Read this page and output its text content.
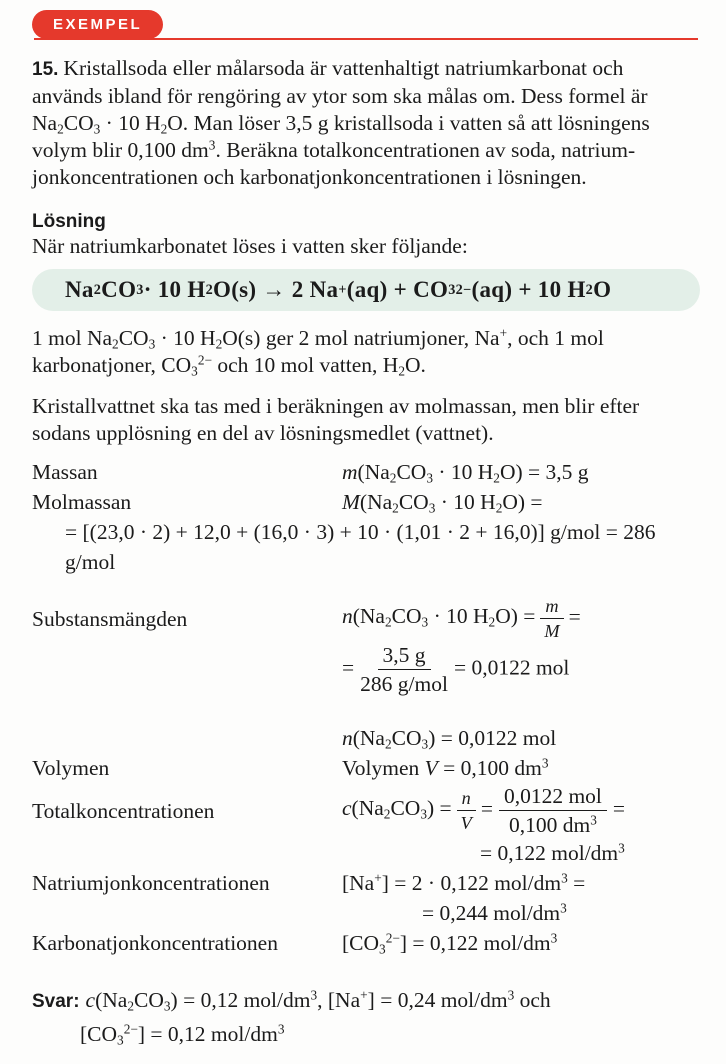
EXEMPEL
15. Kristallsoda eller målarsoda är vattenhaltigt natriumkarbonat och
används ibland för rengöring av ytor som ska målas om. Dess formel är
$Na_2CO_3 \cdot 10$ $H_2O$. Man löser 3,5 g kristallsoda i vatten så att lösningens
volym blir 0,100 $dm^3$. Beräkna totalkoncentrationen av soda, natrium-
jonkoncentrationen och karbonatjonkoncentrationen i lösningen.
Lösning
När natriumkarbonatet löses i vatten sker följande:
Na 2 CO 3 · 10 H 2 O(s) → 2 Na + (aq) + CO 3 2− (aq) + 10 H 2 O
1 mol $Na_2CO_3 \cdot 10$ $H_2O(s)$ ger 2 mol natriumjoner, Na+, och 1 mol
karbonatjoner, $CO_3^{2-}$ och 10 mol vatten, $H_2O$.
Kristallvattnet ska tas med i beräkningen av molmassan, men blir efter
sodans upplösning en del av lösningsmedlet (vattnet).
Massan	$m(Na_2CO_3 \cdot 10$ $H_2O) = 3,5$ g
Molmassan	$M(Na_2CO_3 \cdot 10$ $H_2O$) =
= [(23,0 · 2) + 12,0 + (16,0 · 3) + 10 · (1,01 · 2 + 16,0)] g/mol = 286 g/mol
Substansmängden	$n(Na_2CO_3 \cdot 10$ $H_2O) = \frac{m}{M}$ =
= $\frac{3,5 g}{\text{286 g/mol}} = 0,0122$ mol
$n(Na_2CO_3) = 0,0122$ mol
Volymen	Volymen V = 0,100 $dm^3$
Totalkoncentrationen	$c(Na_2CO_3) = \frac{n}{V} = \frac{\text{0,0122 mol}}{0,100 dm^3}$ =
= 0,122 mol/$dm^3$
Natriumjonkoncentrationen	[Na+] = 2 · 0,122 mol/$dm^3$ =
= 0,244 mol/$dm^3$
Karbonatjonkoncentrationen	$[CO_3^{2-}] = 0,122$ mol/$dm^3$
Svar: $c(Na_2CO_3) = 0,12$ mol/$dm^3$, [Na+] = 0,24 mol/$dm^3$ och
$[CO_3^{2-}] = 0,12$ mol/$dm^3$
